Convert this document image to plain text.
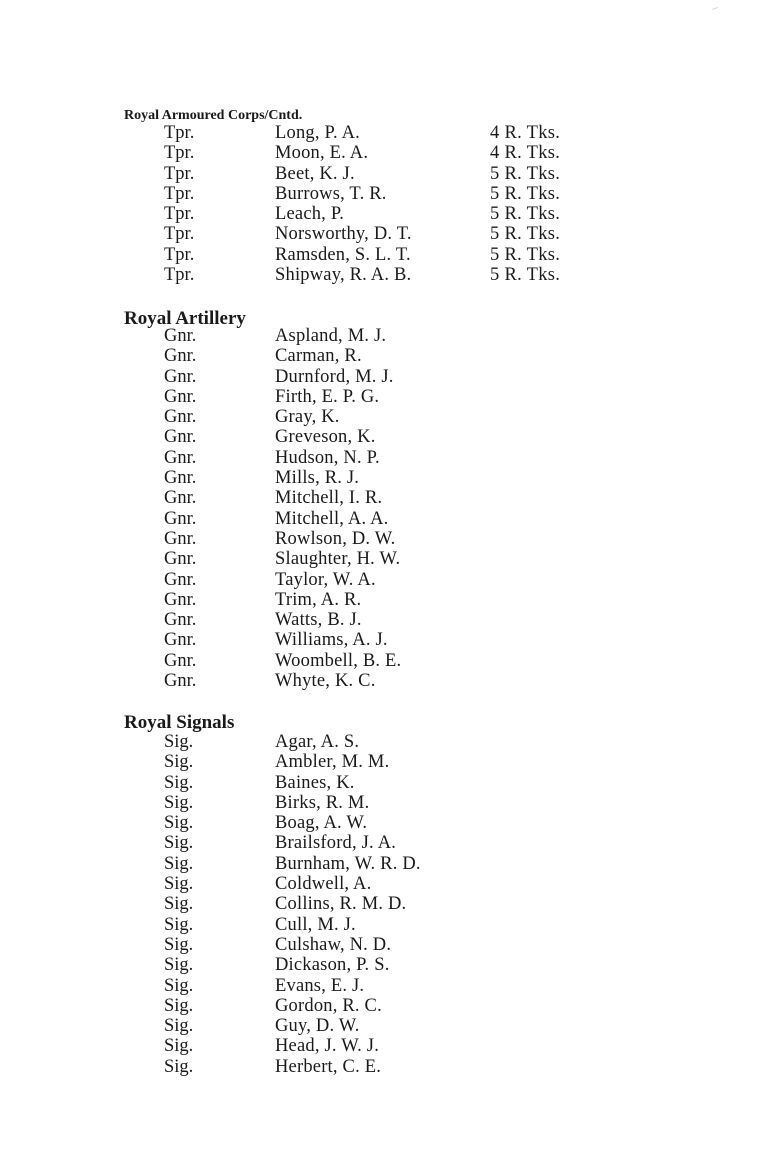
Royal Armoured Corps/Cntd.
Tpr.	Long, P. A.	4 R. Tks.
Tpr.	Moon, E. A.	4 R. Tks.
Tpr.	Beet, K. J.	5 R. Tks.
Tpr.	Burrows, T. R.	5 R. Tks.
Tpr.	Leach, P.	5 R. Tks.
Tpr.	Norsworthy, D. T.	5 R. Tks.
Tpr.	Ramsden, S. L. T.	5 R. Tks.
Tpr.	Shipway, R. A. B.	5 R. Tks.
Royal Artillery
Gnr.	Aspland, M. J.
Gnr.	Carman, R.
Gnr.	Durnford, M. J.
Gnr.	Firth, E. P. G.
Gnr.	Gray, K.
Gnr.	Greveson, K.
Gnr.	Hudson, N. P.
Gnr.	Mills, R. J.
Gnr.	Mitchell, I. R.
Gnr.	Mitchell, A. A.
Gnr.	Rowlson, D. W.
Gnr.	Slaughter, H. W.
Gnr.	Taylor, W. A.
Gnr.	Trim, A. R.
Gnr.	Watts, B. J.
Gnr.	Williams, A. J.
Gnr.	Woombell, B. E.
Gnr.	Whyte, K. C.
Royal Signals
Sig.	Agar, A. S.
Sig.	Ambler, M. M.
Sig.	Baines, K.
Sig.	Birks, R. M.
Sig.	Boag, A. W.
Sig.	Brailsford, J. A.
Sig.	Burnham, W. R. D.
Sig.	Coldwell, A.
Sig.	Collins, R. M. D.
Sig.	Cull, M. J.
Sig.	Culshaw, N. D.
Sig.	Dickason, P. S.
Sig.	Evans, E. J.
Sig.	Gordon, R. C.
Sig.	Guy, D. W.
Sig.	Head, J. W. J.
Sig.	Herbert, C. E.
